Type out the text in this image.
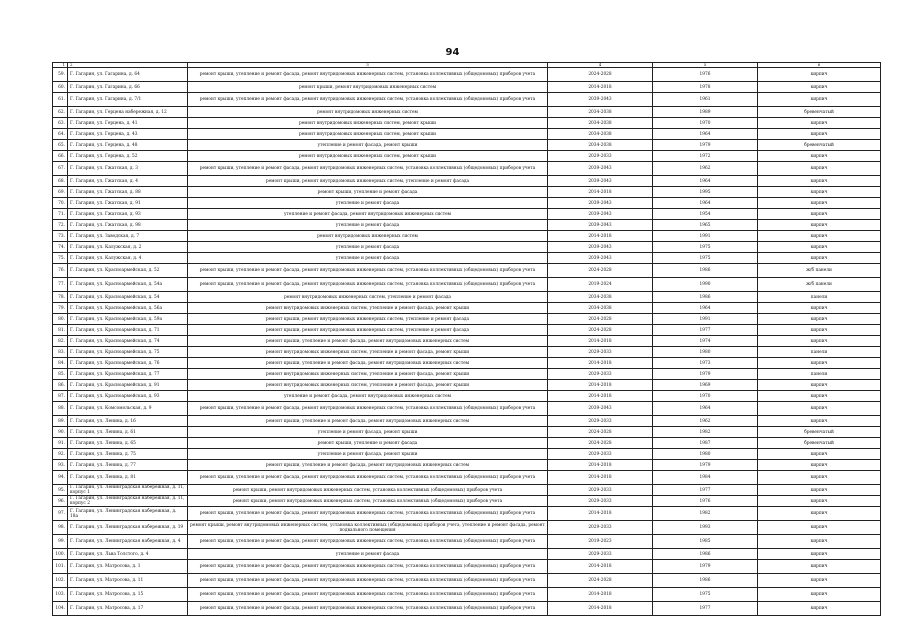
94
1	2	3	4	5	6
59.	Г. Гагарин, ул. Гагарина, д. 64	ремонт крыши, утепление и ремонт фасада, ремонт внутридомовых инженерных систем, установка коллективных (общедомовых) приборов учета	2024-2028	1976	кирпич
60.	Г. Гагарин, ул. Гагарина, д. 66	ремонт крыши, ремонт внутридомовых инженерных систем	2014-2018	1978	кирпич
61.	Г. Гагарин, ул. Гагарина, д. 7/1	ремонт крыши, утепление и ремонт фасада, ремонт внутридомовых инженерных систем, установка коллективных (общедомовых) приборов учета	2039-2043	1961	кирпич
62.	Г. Гагарин, ул. Герцена набережная, д. 12	ремонт внутридомовых инженерных систем	2034-2038	1989	бревенчатый
63.	Г. Гагарин, ул. Герцена, д. 41	ремонт внутридомовых инженерных систем, ремонт крыши	2034-2038	1970	кирпич
64.	Г. Гагарин, ул. Герцена, д. 43	ремонт внутридомовых инженерных систем, ремонт крыши	2034-2038	1964	кирпич
65.	Г. Гагарин, ул. Герцена, д. 48	утепление и ремонт фасада, ремонт крыши	2034-2038	1979	бревенчатый
66.	Г. Гагарин, ул. Герцена, д. 52	ремонт внутридомовых инженерных систем, ремонт крыши	2029-2033	1972	кирпич
67.	Г. Гагарин, ул. Гжатская, д. 3	ремонт крыши, утепление и ремонт фасада, ремонт внутридомовых инженерных систем, установка коллективных (общедомовых) приборов учета	2039-2043	1962	кирпич
68.	Г. Гагарин, ул. Гжатская, д. 4	ремонт крыши, ремонт внутридомовых инженерных систем, утепление и ремонт фасада	2039-2043	1964	кирпич
69.	Г. Гагарин, ул. Гжатская, д. 88	ремонт крыши, утепление и ремонт фасада	2014-2018	1995	кирпич
70.	Г. Гагарин, ул. Гжатская, д. 91	утепление и ремонт фасада	2039-2043	1964	кирпич
71.	Г. Гагарин, ул. Гжатская, д. 93	утепление и ремонт фасада, ремонт внутридомовых инженерных систем	2039-2043	1954	кирпич
72.	Г. Гагарин, ул. Гжатская, д. 98	утепление и ремонт фасада	2039-2043	1965	кирпич
73.	Г. Гагарин, ул. Заводская, д. 7	ремонт внутридомовых инженерных систем	2014-2018	1991	кирпич
74.	Г. Гагарин, ул. Калужская, д. 2	утепление и ремонт фасада	2039-2043	1975	кирпич
75.	Г. Гагарин, ул. Калужская, д. 4	утепление и ремонт фасада	2039-2043	1975	кирпич
76.	Г. Гагарин, ул. Красноармейская, д. 52	ремонт крыши, утепление и ремонт фасада, ремонт внутридомовых инженерных систем, установка коллективных (общедомовых) приборов учета	2024-2028	1986	ж/б панели
77.	Г. Гагарин, ул. Красноармейская, д. 54а	ремонт крыши, утепление и ремонт фасада, ремонт внутридомовых инженерных систем, установка коллективных (общедомовых) приборов учета	2019-2024	1990	ж/б панели
78.	Г. Гагарин, ул. Красноармейская, д. 54	ремонт внутридомовых инженерных систем, утепление и ремонт фасада	2034-2038	1986	панели
79.	Г. Гагарин, ул. Красноармейская, д. 56а	ремонт внутридомовых инженерных систем, утепление и ремонт фасада, ремонт крыши	2034-2038	1964	кирпич
80.	Г. Гагарин, ул. Красноармейская, д. 59а	ремонт крыши, ремонт внутридомовых инженерных систем, утепление и ремонт фасада	2024-2028	1991	кирпич
81.	Г. Гагарин, ул. Красноармейская, д. 71	ремонт крыши, ремонт внутридомовых инженерных систем, утепление и ремонт фасада	2024-2028	1977	кирпич
82.	Г. Гагарин, ул. Красноармейская, д. 74	ремонт крыши, утепление и ремонт фасада, ремонт внутридомовых инженерных систем	2014-2018	1974	кирпич
83.	Г. Гагарин, ул. Красноармейская, д. 75	ремонт внутридомовых инженерных систем, утепление и ремонт фасада, ремонт крыши	2029-2033	1980	панели
84.	Г. Гагарин, ул. Красноармейская, д. 76	ремонт крыши, утепление и ремонт фасада, ремонт внутридомовых инженерных систем	2014-2018	1973	кирпич
85.	Г. Гагарин, ул. Красноармейская, д. 77	ремонт внутридомовых инженерных систем, утепление и ремонт фасада, ремонт крыши	2029-2033	1979	панели
86.	Г. Гагарин, ул. Красноармейская, д. 91	ремонт внутридомовых инженерных систем, утепление и ремонт фасада, ремонт крыши	2014-2018	1969	кирпич
87.	Г. Гагарин, ул. Красноармейская, д. 93	утепление и ремонт фасада, ремонт внутридомовых инженерных систем	2014-2018	1970	кирпич
88.	Г. Гагарин, ул. Комсомольская, д. 9	ремонт крыши, утепление и ремонт фасада, ремонт внутридомовых инженерных систем, установка коллективных (общедомовых) приборов учета	2039-2043	1964	кирпич
89.	Г. Гагарин, ул. Ленина, д. 16	ремонт крыши, утепление и ремонт фасада, ремонт внутридомовых инженерных систем	2029-2033	1962	кирпич
90.	Г. Гагарин, ул. Ленина, д. 61	утепление и ремонт фасада, ремонт крыши	2024-2028	1982	бревенчатый
91.	Г. Гагарин, ул. Ленина, д. 65	ремонт крыши, утепление и ремонт фасада	2024-2028	1987	бревенчатый
92.	Г. Гагарин, ул. Ленина, д. 75	утепление и ремонт фасада, ремонт крыши	2029-2033	1980	кирпич
93.	Г. Гагарин, ул. Ленина, д. 77	ремонт крыши, утепление и ремонт фасада, ремонт внутридомовых инженерных систем	2014-2018	1979	кирпич
94.	Г. Гагарин, ул. Ленина, д. 81	ремонт крыши, утепление и ремонт фасада, ремонт внутридомовых инженерных систем, установка коллективных (общедомовых) приборов учета	2014-2018	1984	кирпич
95.	Г. Гагарин, ул. Ленинградская набережная, д. 11, корпус 1	ремонт крыши, ремонт внутридомовых инженерных систем, установка коллективных (общедомовых) приборов учета	2029-2033	1977	кирпич
96.	Г. Гагарин, ул. Ленинградская набережная, д. 11, корпус 2	ремонт крыши, ремонт внутридомовых инженерных систем, установка коллективных (общедомовых) приборов учета	2029-2033	1976	кирпич
97.	Г. Гагарин, ул. Ленинградская набережная, д. 18а	ремонт крыши, утепление и ремонт фасада, ремонт внутридомовых инженерных систем, установка коллективных (общедомовых) приборов учета	2014-2018	1982	кирпич
98.	Г. Гагарин, ул. Ленинградская набережная, д. 19	ремонт крыши, ремонт внутридомовых инженерных систем, установка коллективных (общедомовых) приборов учета, утепление и ремонт фасада, ремонт подвального помещения	2029-2033	1993	кирпич
99.	Г. Гагарин, ул. Ленинградская набережная, д. 4	ремонт крыши, утепление и ремонт фасада, ремонт внутридомовых инженерных систем, установка коллективных (общедомовых) приборов учета	2019-2023	1985	кирпич
100.	Г. Гагарин, ул. Льва Толстого, д. 4	утепление и ремонт фасада	2029-2033	1986	кирпич
101.	Г. Гагарин, ул. Матросова, д. 1	ремонт крыши, утепление и ремонт фасада, ремонт внутридомовых инженерных систем, установка коллективных (общедомовых) приборов учета	2014-2018	1979	кирпич
102.	Г. Гагарин, ул. Матросова, д. 11	ремонт крыши, утепление и ремонт фасада, ремонт внутридомовых инженерных систем, установка коллективных (общедомовых) приборов учета	2024-2028	1986	кирпич
103.	Г. Гагарин, ул. Матросова, д. 15	ремонт крыши, утепление и ремонт фасада, ремонт внутридомовых инженерных систем, установка коллективных (общедомовых) приборов учета	2014-2018	1975	кирпич
104.	Г. Гагарин, ул. Матросова, д. 17	ремонт крыши, утепление и ремонт фасада, ремонт внутридомовых инженерных систем, установка коллективных (общедомовых) приборов учета	2014-2018	1977	кирпич
